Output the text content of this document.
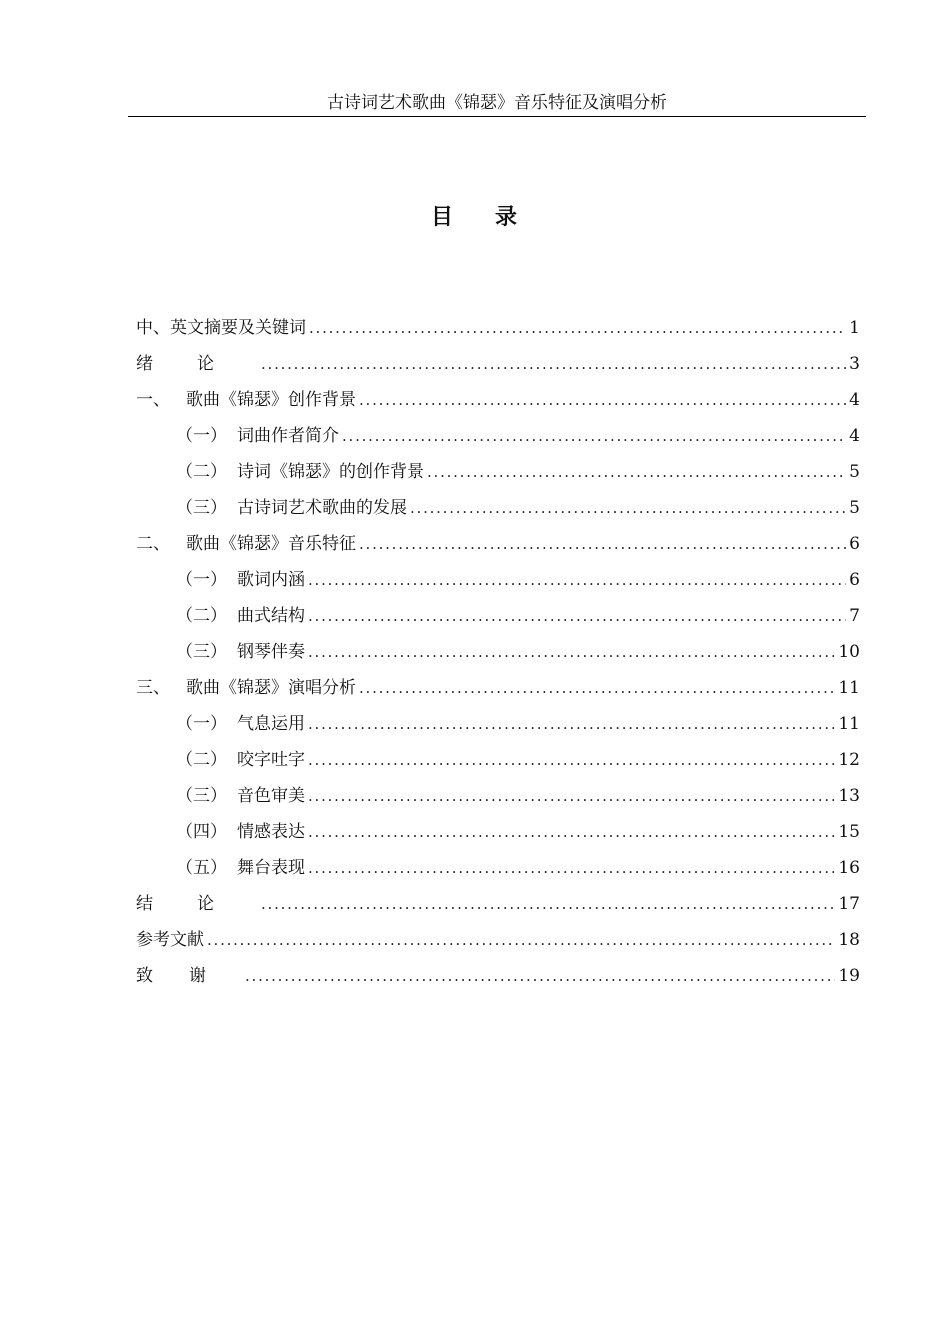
古诗词艺术歌曲《锦瑟》音乐特征及演唱分析
目 录
中、英文摘要及关键词 . . .	1
绪论 . . .	3
一、 歌曲《锦瑟》创作背景 . . .	4
（一） 词曲作者简介 . . .	4
（二） 诗词《锦瑟》的创作背景 . . .	5
（三） 古诗词艺术歌曲的发展 . . .	5
二、 歌曲《锦瑟》音乐特征 . . .	6
（一） 歌词内涵 . . .	6
（二） 曲式结构 . . .	7
（三） 钢琴伴奏 . . .	10
三、 歌曲《锦瑟》演唱分析 . . .	11
（一） 气息运用 . . .	11
（二） 咬字吐字 . . .	12
（三） 音色审美 . . .	13
（四） 情感表达 . . .	15
（五） 舞台表现 . . .	16
结论 . . .	17
参考文献 . . .	18
致谢 . . .	19
